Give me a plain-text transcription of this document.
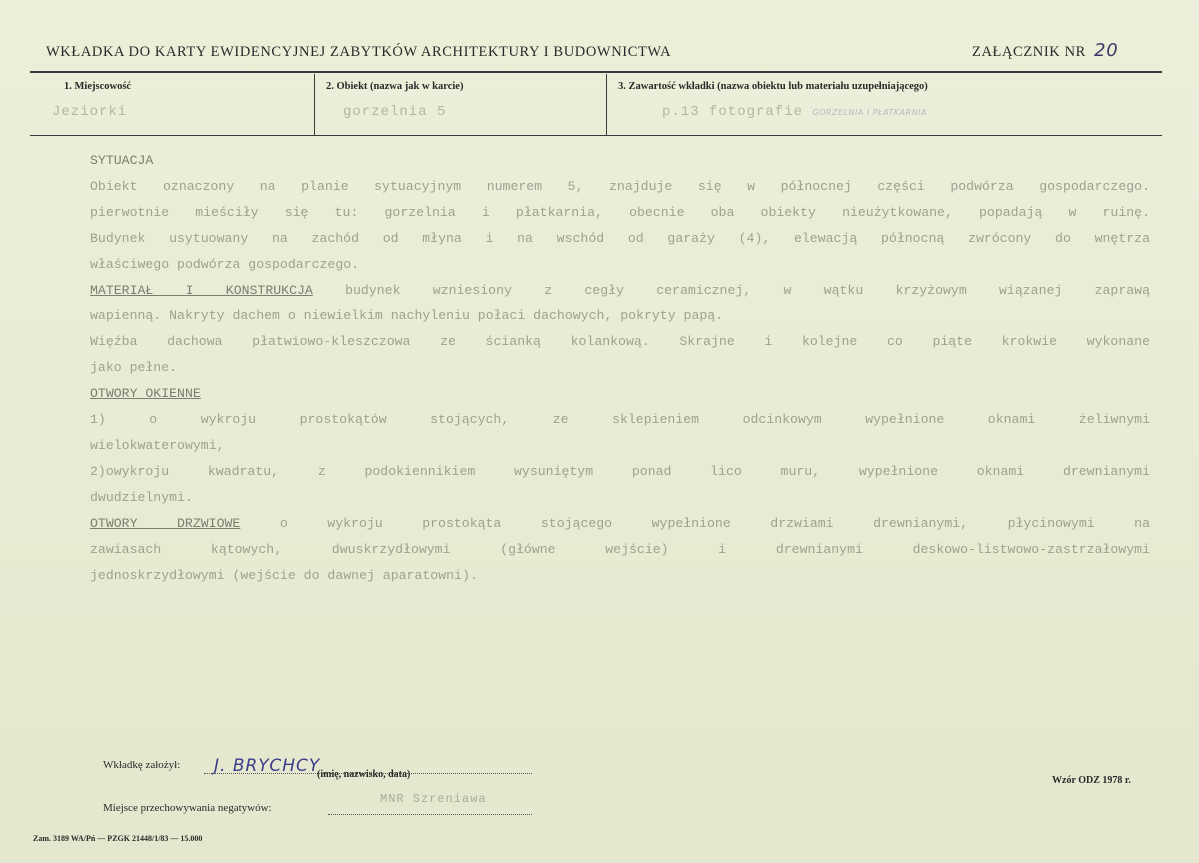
WKŁADKA DO KARTY EWIDENCYJNEJ ZABYTKÓW ARCHITEKTURY I BUDOWNICTWA	ZAŁĄCZNIK NR 20
1. Miejscowość
Jeziorki
2. Obiekt (nazwa jak w karcie)
gorzelnia 5
3. Zawartość wkładki (nazwa obiektu lub materiału uzupełniającego)
p.13 fotografie GORZELNIA I PŁATKARNIA
SYTUACJA
Obiekt oznaczony na planie sytuacyjnym numerem 5, znajduje się w północnej części podwórza gospodarczego.
pierwotnie mieściły się tu: gorzelnia i płatkarnia, obecnie oba obiekty nieużytkowane, popadają w ruinę.
Budynek usytuowany na zachód od młyna i na wschód od garaży (4), elewacją północną zwrócony do wnętrza
właściwego podwórza gospodarczego.
MATERIAŁ I KONSTRUKCJA budynek wzniesiony z cegły ceramicznej, w wątku krzyżowym wiązanej zaprawą
wapienną. Nakryty dachem o niewielkim nachyleniu połaci dachowych, pokryty papą.
Więźba dachowa płatwiowo-kleszczowa ze ścianką kolankową. Skrajne i kolejne co piąte krokwie wykonane
jako pełne.
OTWORY OKIENNE
1) o wykroju prostokątów stojących, ze sklepieniem odcinkowym wypełnione oknami żeliwnymi
wielokwaterowymi,
2)owykroju kwadratu, z podokiennikiem wysuniętym ponad lico muru, wypełnione oknami drewnianymi
dwudzielnymi.
OTWORY DRZWIOWE	o wykroju prostokąta stojącego wypełnione drzwiami drewnianymi, płycinowymi na
zawiasach kątowych, dwuskrzydłowymi (główne wejście) i drewnianymi deskowo-listwowo-zastrzałowymi
jednoskrzydłowymi (wejście do dawnej aparatowni).
Wkładkę założył: J. BRYCHCY
(imię, nazwisko, data)
Miejsce przechowywania negatywów:
MNR Szreniawa
Wzór ODZ 1978 r.
Zam. 3189 WA/Pń — PZGK 21448/1/83 — 15.000
